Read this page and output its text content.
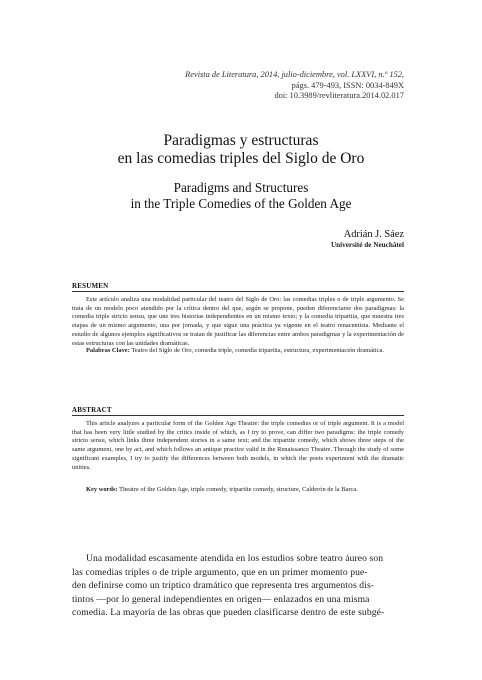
Revista de Literatura, 2014, julio-diciembre, vol. LXXVI, n.º 152,
págs. 479-493, ISSN: 0034-849X
doi: 10.3989/revliteratura.2014.02.017
Paradigmas y estructuras
en las comedias triples del Siglo de Oro
Paradigms and Structures
in the Triple Comedies of the Golden Age
Adrián J. Sáez
Université de Neuchâtel
RESUMEN
Este artículo analiza una modalidad particular del teatro del Siglo de Oro: las comedias triples o de triple argumento. Se trata de un modelo poco atendido por la crítica dentro del que, según se propone, pueden diferenciarse dos paradigmas: la comedia triple stricto sensu, que une tres historias independientes en un mismo texto; y la comedia tripartita, que muestra tres etapas de un mismo argumento, una por jornada, y que sigue una práctica ya vigente en el teatro renacentista. Mediante el estudio de algunos ejemplos significativos se tratan de justificar las diferencias entre ambos paradigmas y la experimentación de estas estructuras con las unidades dramáticas.
Palabras Clave: Teatro del Siglo de Oro, comedia triple, comedia tripartita, estructura, experimentación dramática.
ABSTRACT
This article analyzes a particular form of the Golden Age Theatre: the triple comedies or of triple argument. It is a model that has been very little studied by the critics inside of which, as I try to prove, can differ two paradigms: the triple comedy stricto sensu, which links three independent stories in a same text; and the tripartite comedy, which shows three steps of the same argument, one by act, and which follows an antique practice valid in the Renaissance Theatre. Through the study of some significant examples, I try to justify the differences between both models, in which the poets experiment with the dramatic unities.
Key words: Theatre of the Golden Age, triple comedy, tripartite comedy, structure, Calderón de la Barca.
Una modalidad escasamente atendida en los estudios sobre teatro áureo son
las comedias triples o de triple argumento, que en un primer momento pue-
den definirse como un tríptico dramático que representa tres argumentos dis-
tintos —por lo general independientes en origen— enlazados en una misma
comedia. La mayoría de las obras que pueden clasificarse dentro de este subgé-
